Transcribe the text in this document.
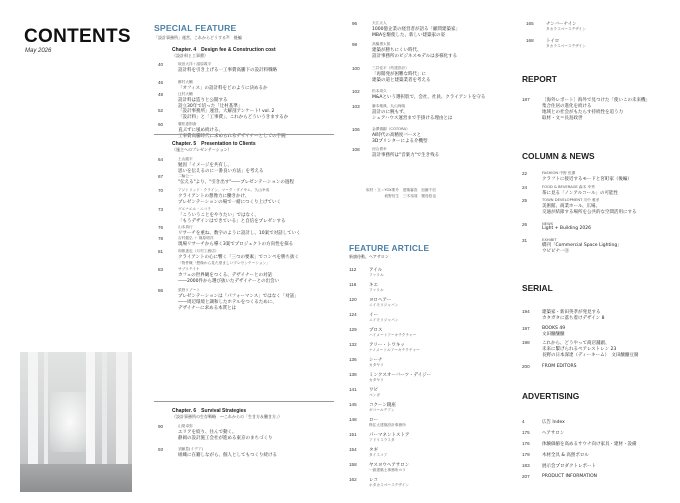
CONTENTS
May 2026
SPECIAL FEATURE
「設計事務所」運営、これからどうする?!　後編
Chapter. 4　Design fee & Construction cost
（設計料と工事費）
40	坂田大洋＋湯原義平
設計料を引き上げる一工事費高騰下の設計料戦略
46	酵村大輔
「オフィス」の設計料をどのように決めるか
48	辻村大輔
設計料は造りと公開する
設立30年で培った「辻村基準」
52	「設計事務所」運営、大解剖アンケート! vol. 2
「設計料」と「工事費」、これからどういうきまするか
60	廣松恵則會
直ぶずに風め続ける、
工事費高騰時代に求められるデザイナーとしての手腕
Chapter. 5　Presentation to Clients
（施主へのプレゼンテーション）
64	土山龍平
勉因「イメージを共有し、
思いを伝えるのに一番良い方法」を考える
67	二輪公一
"伝える"より、"引き出す"――プレゼンテーションの過程
70	アジトリッド・クライン、マーク・ダイサム、久山幸成
クライアントの想像力に働きかけ、
プレゼンテーションの場で一緒につくり上げていく
73	グエナエル・ニコラ
「こういうことをやりたい」ではなく、
「もうデザインはできている」と自信をプレゼンする
76	山本真行
リサーチを重ね、数字のように設計し、10案で対話していく
78	吉村健弘 ＋ 篠原明洋
現場リサーチから導く3案でプロジェクトの方向性を探る
81	和都達也（月村工務店）
クライアントの心に響く「三つの要素」でコンペを勝ち抜く
「物件概「想像から見た望ましいプレゼンテーション」
83	サブリテイケ
カフェの世界観をつくる、デザイナーとの対話
――2000件から選び抜いたデザイナーとの出会い
86	星野リゾート
プレゼンテーションは「パフォーマンス」ではなく「対話」
――周辺環境と調和したホテルをつくるために、
デザイナーに求める本質とは
Chapter. 6　Survival Strategies
（設計事務所の生存戦略　―これからの「生き方＆働き方」）
90	山梨卓弥
エリアを絞り、住んで動く。
静岡の設計施工会社が進める東京のまちづくり
93	須藤豊(イデア)
組織に在籍しながら、個人としてもつくり続ける
96	犬江太人
1000億企業の経営者が語る「顧問建築家」
MBAを駆使した、新しい建築家の姿
98	高橋勇太郎
建築が勝ちにくい時代、
設計事務所のビジネスモデルは多様化する
100	三井佳平（幼建設計）
「再開発が困難な時代」に
建築の道と建築業者を考える
102	松本周久
M&Aという選択肢で、会社、社員、クライアントを守る
103	藤本雅典、丸山尚暁
設計のに腕もず、
シェアハウス運営まで手掛ける理由とは
106	金澤慎嗣（COTORA）
AI時代の高精度バースと
3Dプリンターによる介機型
108	河合貴幸
設計事務所は"音楽力"で生き残る
取材・文＝YOX要介　建築審査　加藤千信
　　　　　坂野信生　三木裕哉　榎島悠也
FEATURE ARTICLE
新旗待動、ヘアサロン
112	アイル
ファリル
116	キエ
ファリル
120	ヨロヘアー
ニイモリジャパン
124	イー
ニイモリジャパン
129	プロス
ハイメートアーキテクチャー
132	アリー・トワキッ
ナノメートルアーキテクチャー
136	シーナ
カタヤリ
138	ミンクスオーバーツ・デイジー
カタヤリ
141	ワビ
ベンガ
145	コクーン鏡座
ギコールデアン
148	ロー
株住太建築設計事務所
151	パーマネントストア
アドリスラスタ
154	タギ
タイスコア
158	ヤスヨウヘアサロン
一級建築士事務所ヨリ
162	レコ
ホタカスペースデザイン
165	ナンバーナイン
タカラスペースデザイン
168	トイロ
タカラスペースデザイン
REPORT
187	［海外レポート］海外で見つけた「使いこの未来機」
集合住居の進化を続ける
地域との社会がもたらす持続性を追う力
取材・文＝長島政世
COLUMN & NEWS
22	FASHION 中野 弦優
クラフトに接近するモードと宮町家（後編）
24	FOOD & BEVERAGE 森本 幸秀
茶に見る「ノンアルコール」の可能性
25	TOWN DEVELOPMENT 川中 雅孝
美術館、商業ホール、広場、
交通が結節する場所を公共的な空間活用にする
26	NEWS
Light + Building 2026
31	EXHIBIT
橋刊「Commercial Space Lighting」
ウピピナ一⓪
SERIAL
194	建築家・新田英孝が発見する
カタガタに落ち着けデザイン 8
197	BOOKS 49
文田醸醸醸
198	これから、どうやって商店舗創、
未来に繋げられるペアレストレン 23
長野の日本深達（ディーキーム）　文田醸醸豆腐
200	FROM EDITORS
ADVERTISING
4	広告 Index
175	ヘアサロン
176	体験価値を高めるサウナ向け家具・建材・設備
179	木材全具 & 高照ポロル
183	展示会プロダクトレポート
207	PRODUCT INFORMATION
